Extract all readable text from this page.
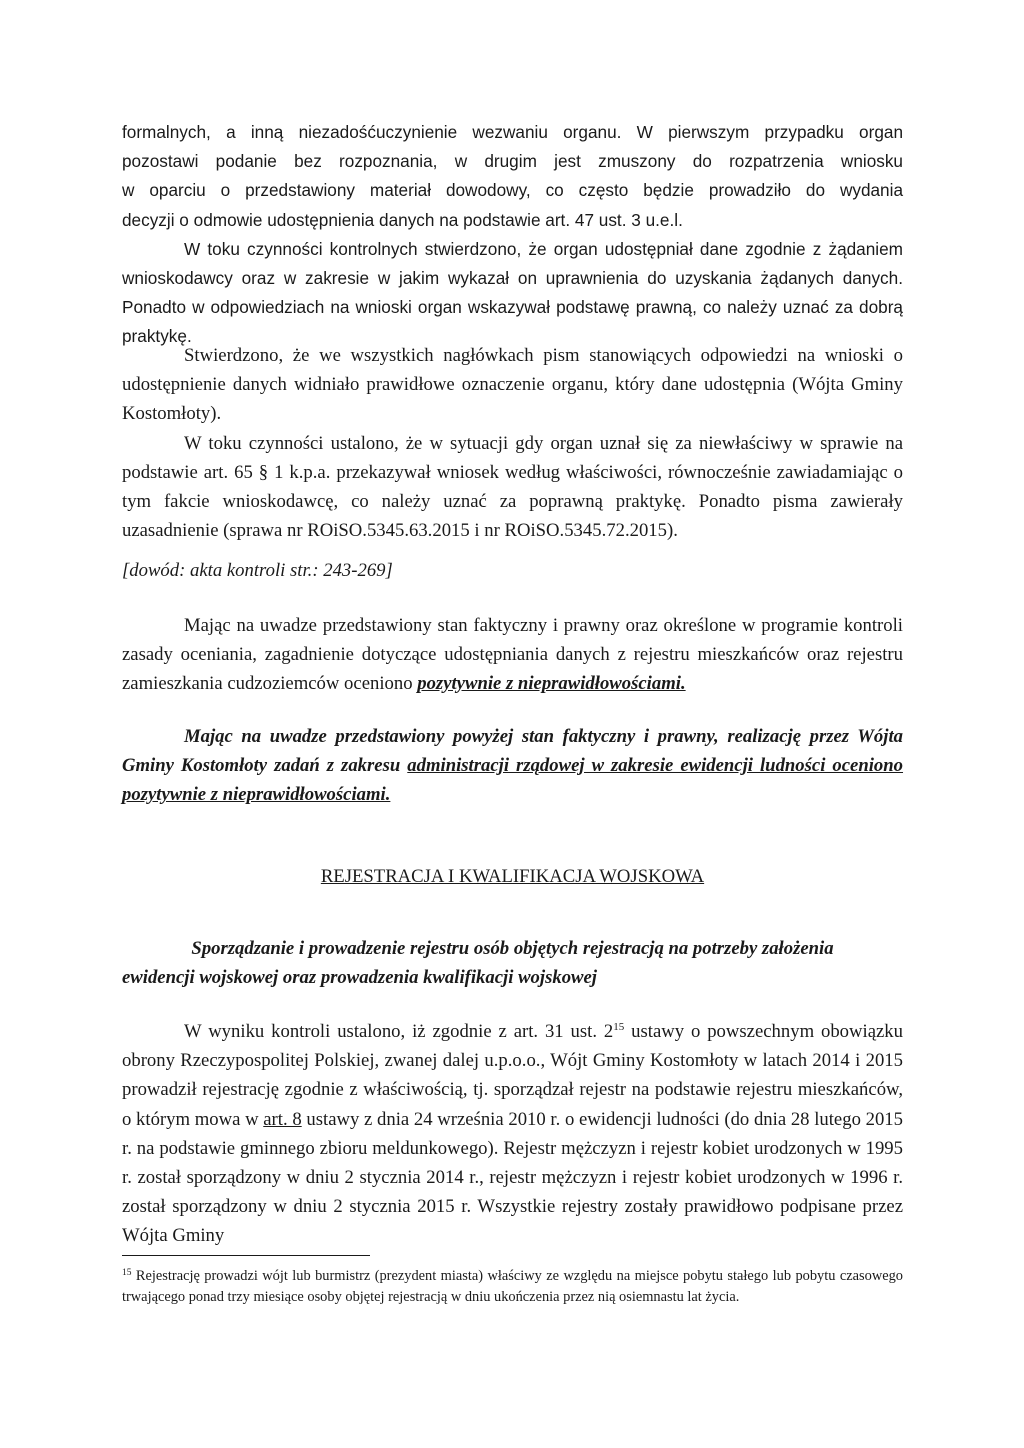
formalnych, a inną niezadośćuczynienie wezwaniu organu. W pierwszym przypadku organ

pozostawi podanie bez rozpoznania, w drugim jest zmuszony do rozpatrzenia wniosku

w oparciu o przedstawiony materiał dowodowy, co często będzie prowadziło do wydania

decyzji o odmowie udostępnienia danych na podstawie art. 47 ust. 3 u.e.l.

W toku czynności kontrolnych stwierdzono, że organ udostępniał dane zgodnie z żądaniem wnioskodawcy oraz w zakresie w jakim wykazał on uprawnienia do uzyskania żądanych danych. Ponadto w odpowiedziach na wnioski organ wskazywał podstawę prawną, co należy uznać za dobrą praktykę.

Stwierdzono, że we wszystkich nagłówkach pism stanowiących odpowiedzi na wnioski o udostępnienie danych widniało prawidłowe oznaczenie organu, który dane udostępnia (Wójta Gminy Kostomłoty).

W toku czynności ustalono, że w sytuacji gdy organ uznał się za niewłaściwy w sprawie na podstawie art. 65 § 1 k.p.a. przekazywał wniosek według właściwości, równocześnie zawiadamiając o tym fakcie wnioskodawcę, co należy uznać za poprawną praktykę. Ponadto pisma zawierały uzasadnienie (sprawa nr ROiSO.5345.63.2015 i nr ROiSO.5345.72.2015).

[dowód: akta kontroli str.: 243-269]

Mając na uwadze przedstawiony stan faktyczny i prawny oraz określone w programie kontroli zasady oceniania, zagadnienie dotyczące udostępniania danych z rejestru mieszkańców oraz rejestru zamieszkania cudzoziemców oceniono pozytywnie z nieprawidłowościami.

Mając na uwadze przedstawiony powyżej stan faktyczny i prawny, realizację przez Wójta Gminy Kostomłoty zadań z zakresu administracji rządowej w zakresie ewidencji ludności oceniono pozytywnie z nieprawidłowościami.

REJESTRACJA I KWALIFIKACJA WOJSKOWA

Sporządzanie i prowadzenie rejestru osób objętych rejestracją na potrzeby założenia

ewidencji wojskowej oraz prowadzenia kwalifikacji wojskowej

W wyniku kontroli ustalono, iż zgodnie z art. 31 ust. $2^{15}$ ustawy o powszechnym obowiązku obrony Rzeczypospolitej Polskiej, zwanej dalej u.p.o.o., Wójt Gminy Kostomłoty w latach 2014 i 2015 prowadził rejestrację zgodnie z właściwością, tj. sporządzał rejestr na podstawie rejestru mieszkańców, o którym mowa w art. 8 ustawy z dnia 24 września 2010 r. o ewidencji ludności (do dnia 28 lutego 2015 r. na podstawie gminnego zbioru meldunkowego). Rejestr mężczyzn i rejestr kobiet urodzonych w 1995 r. został sporządzony w dniu 2 stycznia 2014 r., rejestr mężczyzn i rejestr kobiet urodzonych w 1996 r. został sporządzony w dniu 2 stycznia 2015 r. Wszystkie rejestry zostały prawidłowo podpisane przez Wójta Gminy

$^{15}$ Rejestrację prowadzi wójt lub burmistrz (prezydent miasta) właściwy ze względu na miejsce pobytu stałego lub pobytu czasowego trwającego ponad trzy miesiące osoby objętej rejestracją w dniu ukończenia przez nią osiemnastu lat życia.
